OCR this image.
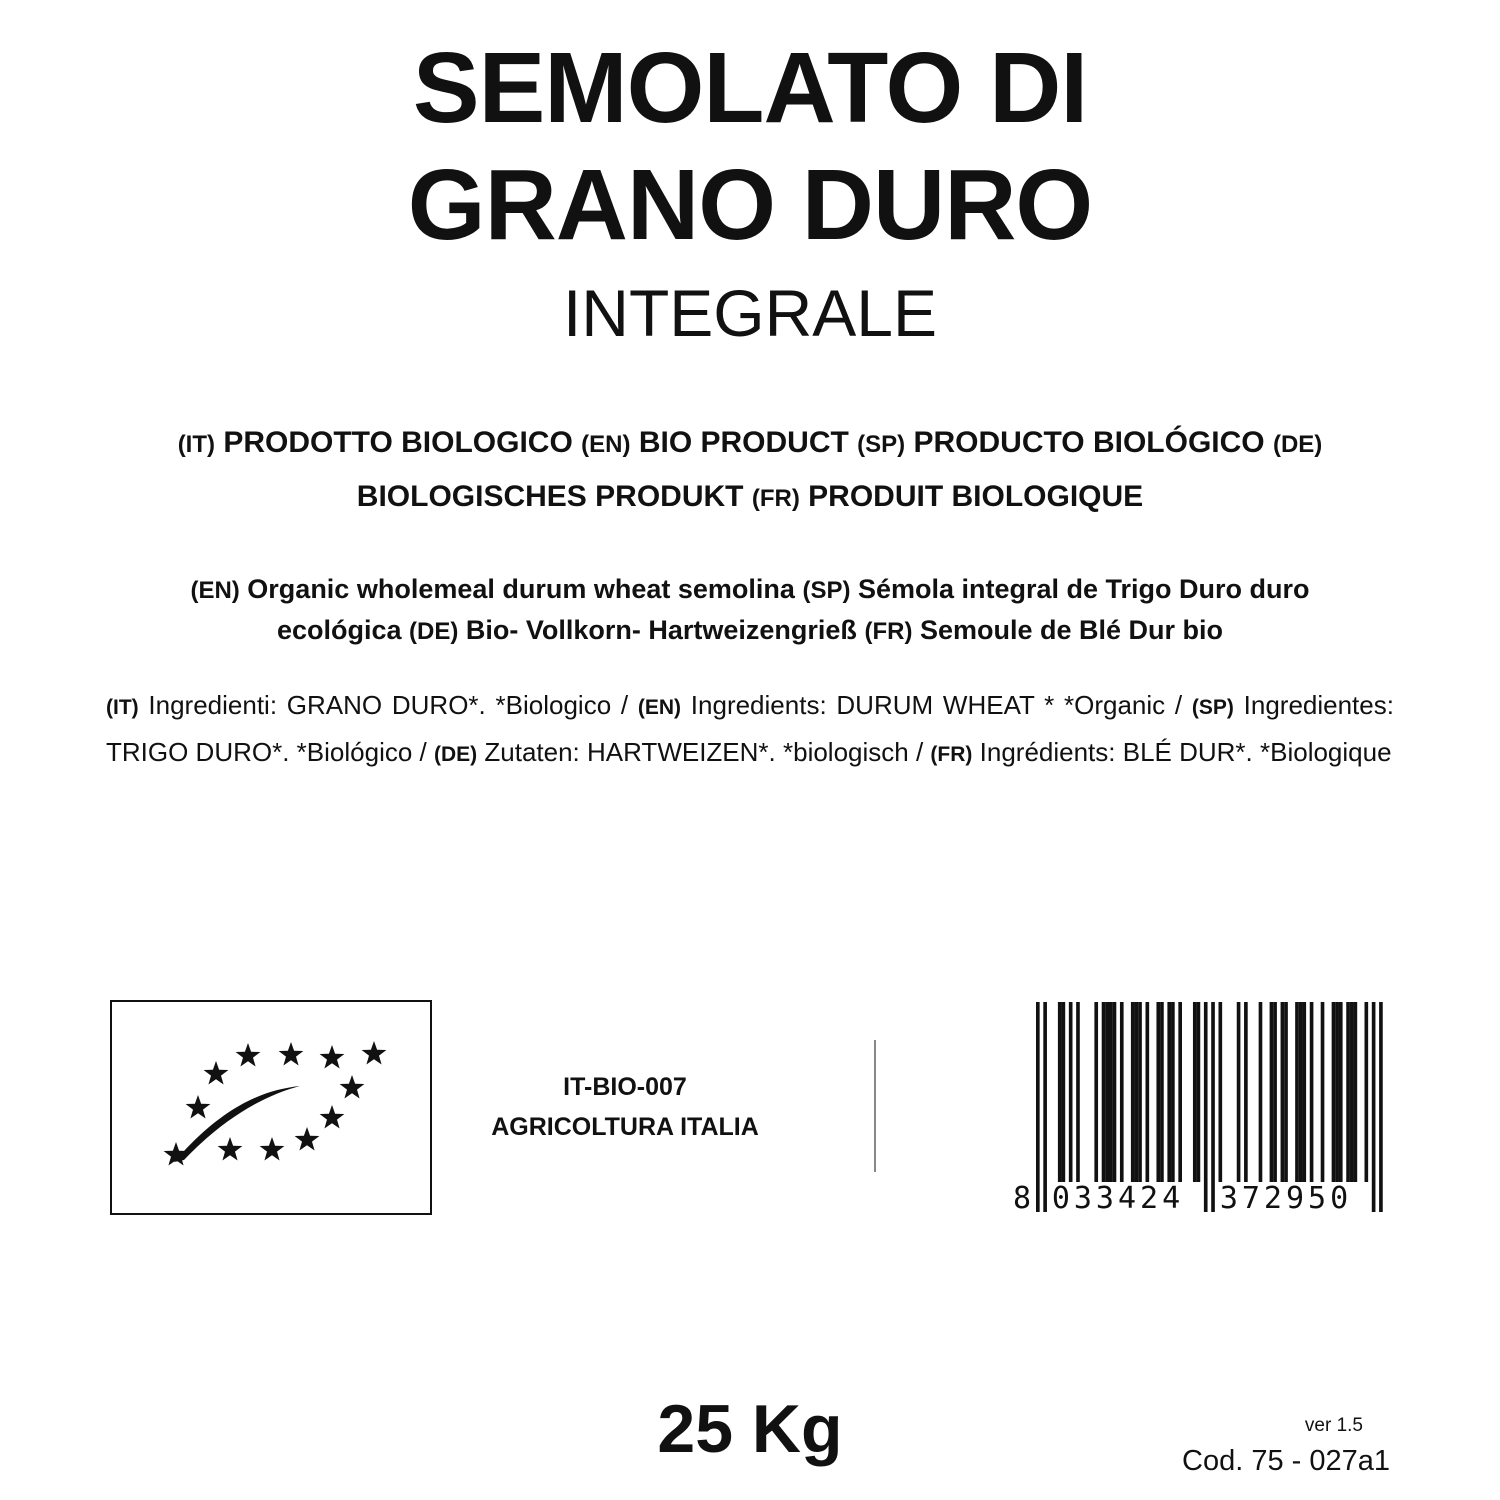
SEMOLATO DI
GRANO DURO
INTEGRALE
(IT) PRODOTTO BIOLOGICO (EN) BIO PRODUCT (SP) PRODUCTO BIOLÓGICO (DE)
BIOLOGISCHES PRODUKT (FR) PRODUIT BIOLOGIQUE
(EN) Organic wholemeal durum wheat semolina (SP) Sémola integral de Trigo Duro duro
ecológica (DE) Bio- Vollkorn- Hartweizengrieß (FR) Semoule de Blé Dur bio
(IT) Ingredienti: GRANO DURO*. *Biologico / (EN) Ingredients: DURUM WHEAT * *Organic / (SP) Ingredientes: TRIGO DURO*. *Biológico / (DE) Zutaten: HARTWEIZEN*. *biologisch / (FR) Ingrédients: BLÉ DUR*. *Biologique
IT-BIO-007
AGRICOLTURA ITALIA
8 033424 372950
25 Kg	ver 1.5
Cod. 75 - 027a1
